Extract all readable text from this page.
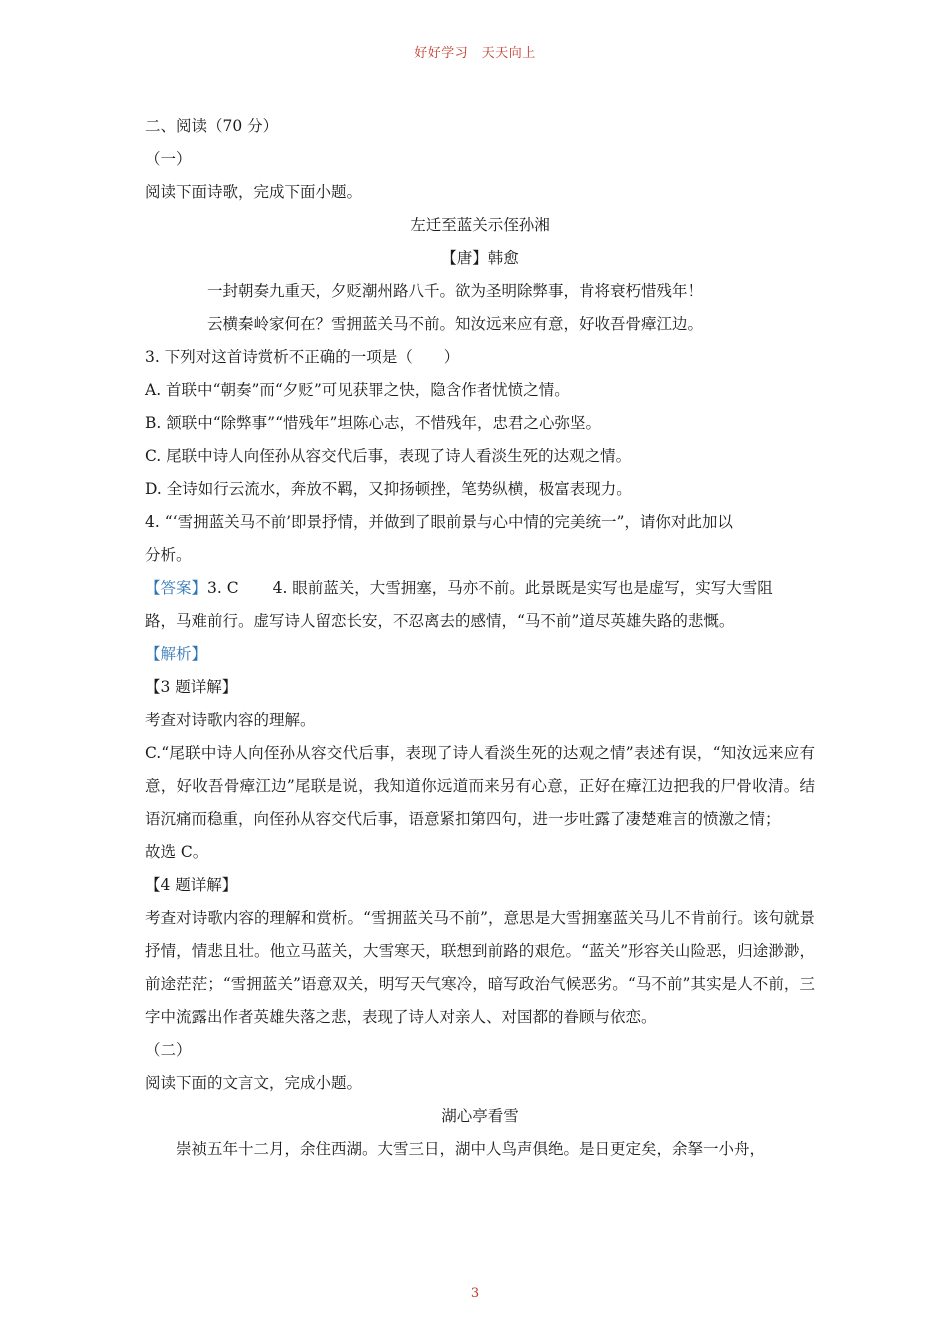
好好学习　天天向上
二、阅读（70 分）
（一）
阅读下面诗歌，完成下面小题。
左迁至蓝关示侄孙湘
【唐】韩愈
一封朝奏九重天，夕贬潮州路八千。欲为圣明除弊事，肯将衰朽惜残年！
云横秦岭家何在？雪拥蓝关马不前。知汝远来应有意，好收吾骨瘴江边。
3. 下列对这首诗赏析不正确的一项是（　　）
A. 首联中“朝奏”而“夕贬”可见获罪之快，隐含作者忧愤之情。
B. 颔联中“除弊事”“惜残年”坦陈心志，不惜残年，忠君之心弥坚。
C. 尾联中诗人向侄孙从容交代后事，表现了诗人看淡生死的达观之情。
D. 全诗如行云流水，奔放不羁，又抑扬顿挫，笔势纵横，极富表现力。
4. “‘雪拥蓝关马不前’即景抒情，并做到了眼前景与心中情的完美统一”，请你对此加以
分析。
【答案】3. C 4. 眼前蓝关，大雪拥塞，马亦不前。此景既是实写也是虚写，实写大雪阻
路，马难前行。虚写诗人留恋长安，不忍离去的感情，“马不前”道尽英雄失路的悲慨。
【解析】
【3 题详解】
考查对诗歌内容的理解。
C.“尾联中诗人向侄孙从容交代后事，表现了诗人看淡生死的达观之情”表述有误，“知汝远来应有意，好收吾骨瘴江边”尾联是说，我知道你远道而来另有心意，正好在瘴江边把我的尸骨收清。结语沉痛而稳重，向侄孙从容交代后事，语意紧扣第四句，进一步吐露了凄楚难言的愤激之情；
故选 C。
【4 题详解】
考查对诗歌内容的理解和赏析。“雪拥蓝关马不前”，意思是大雪拥塞蓝关马儿不肯前行。该句就景抒情，情悲且壮。他立马蓝关，大雪寒天，联想到前路的艰危。“蓝关”形容关山险恶，归途渺渺，前途茫茫；“雪拥蓝关”语意双关，明写天气寒冷，暗写政治气候恶劣。“马不前”其实是人不前，三字中流露出作者英雄失落之悲，表现了诗人对亲人、对国都的眷顾与依恋。
（二）
阅读下面的文言文，完成小题。
湖心亭看雪
崇祯五年十二月，余住西湖。大雪三日，湖中人鸟声俱绝。是日更定矣，余拏一小舟，
3
